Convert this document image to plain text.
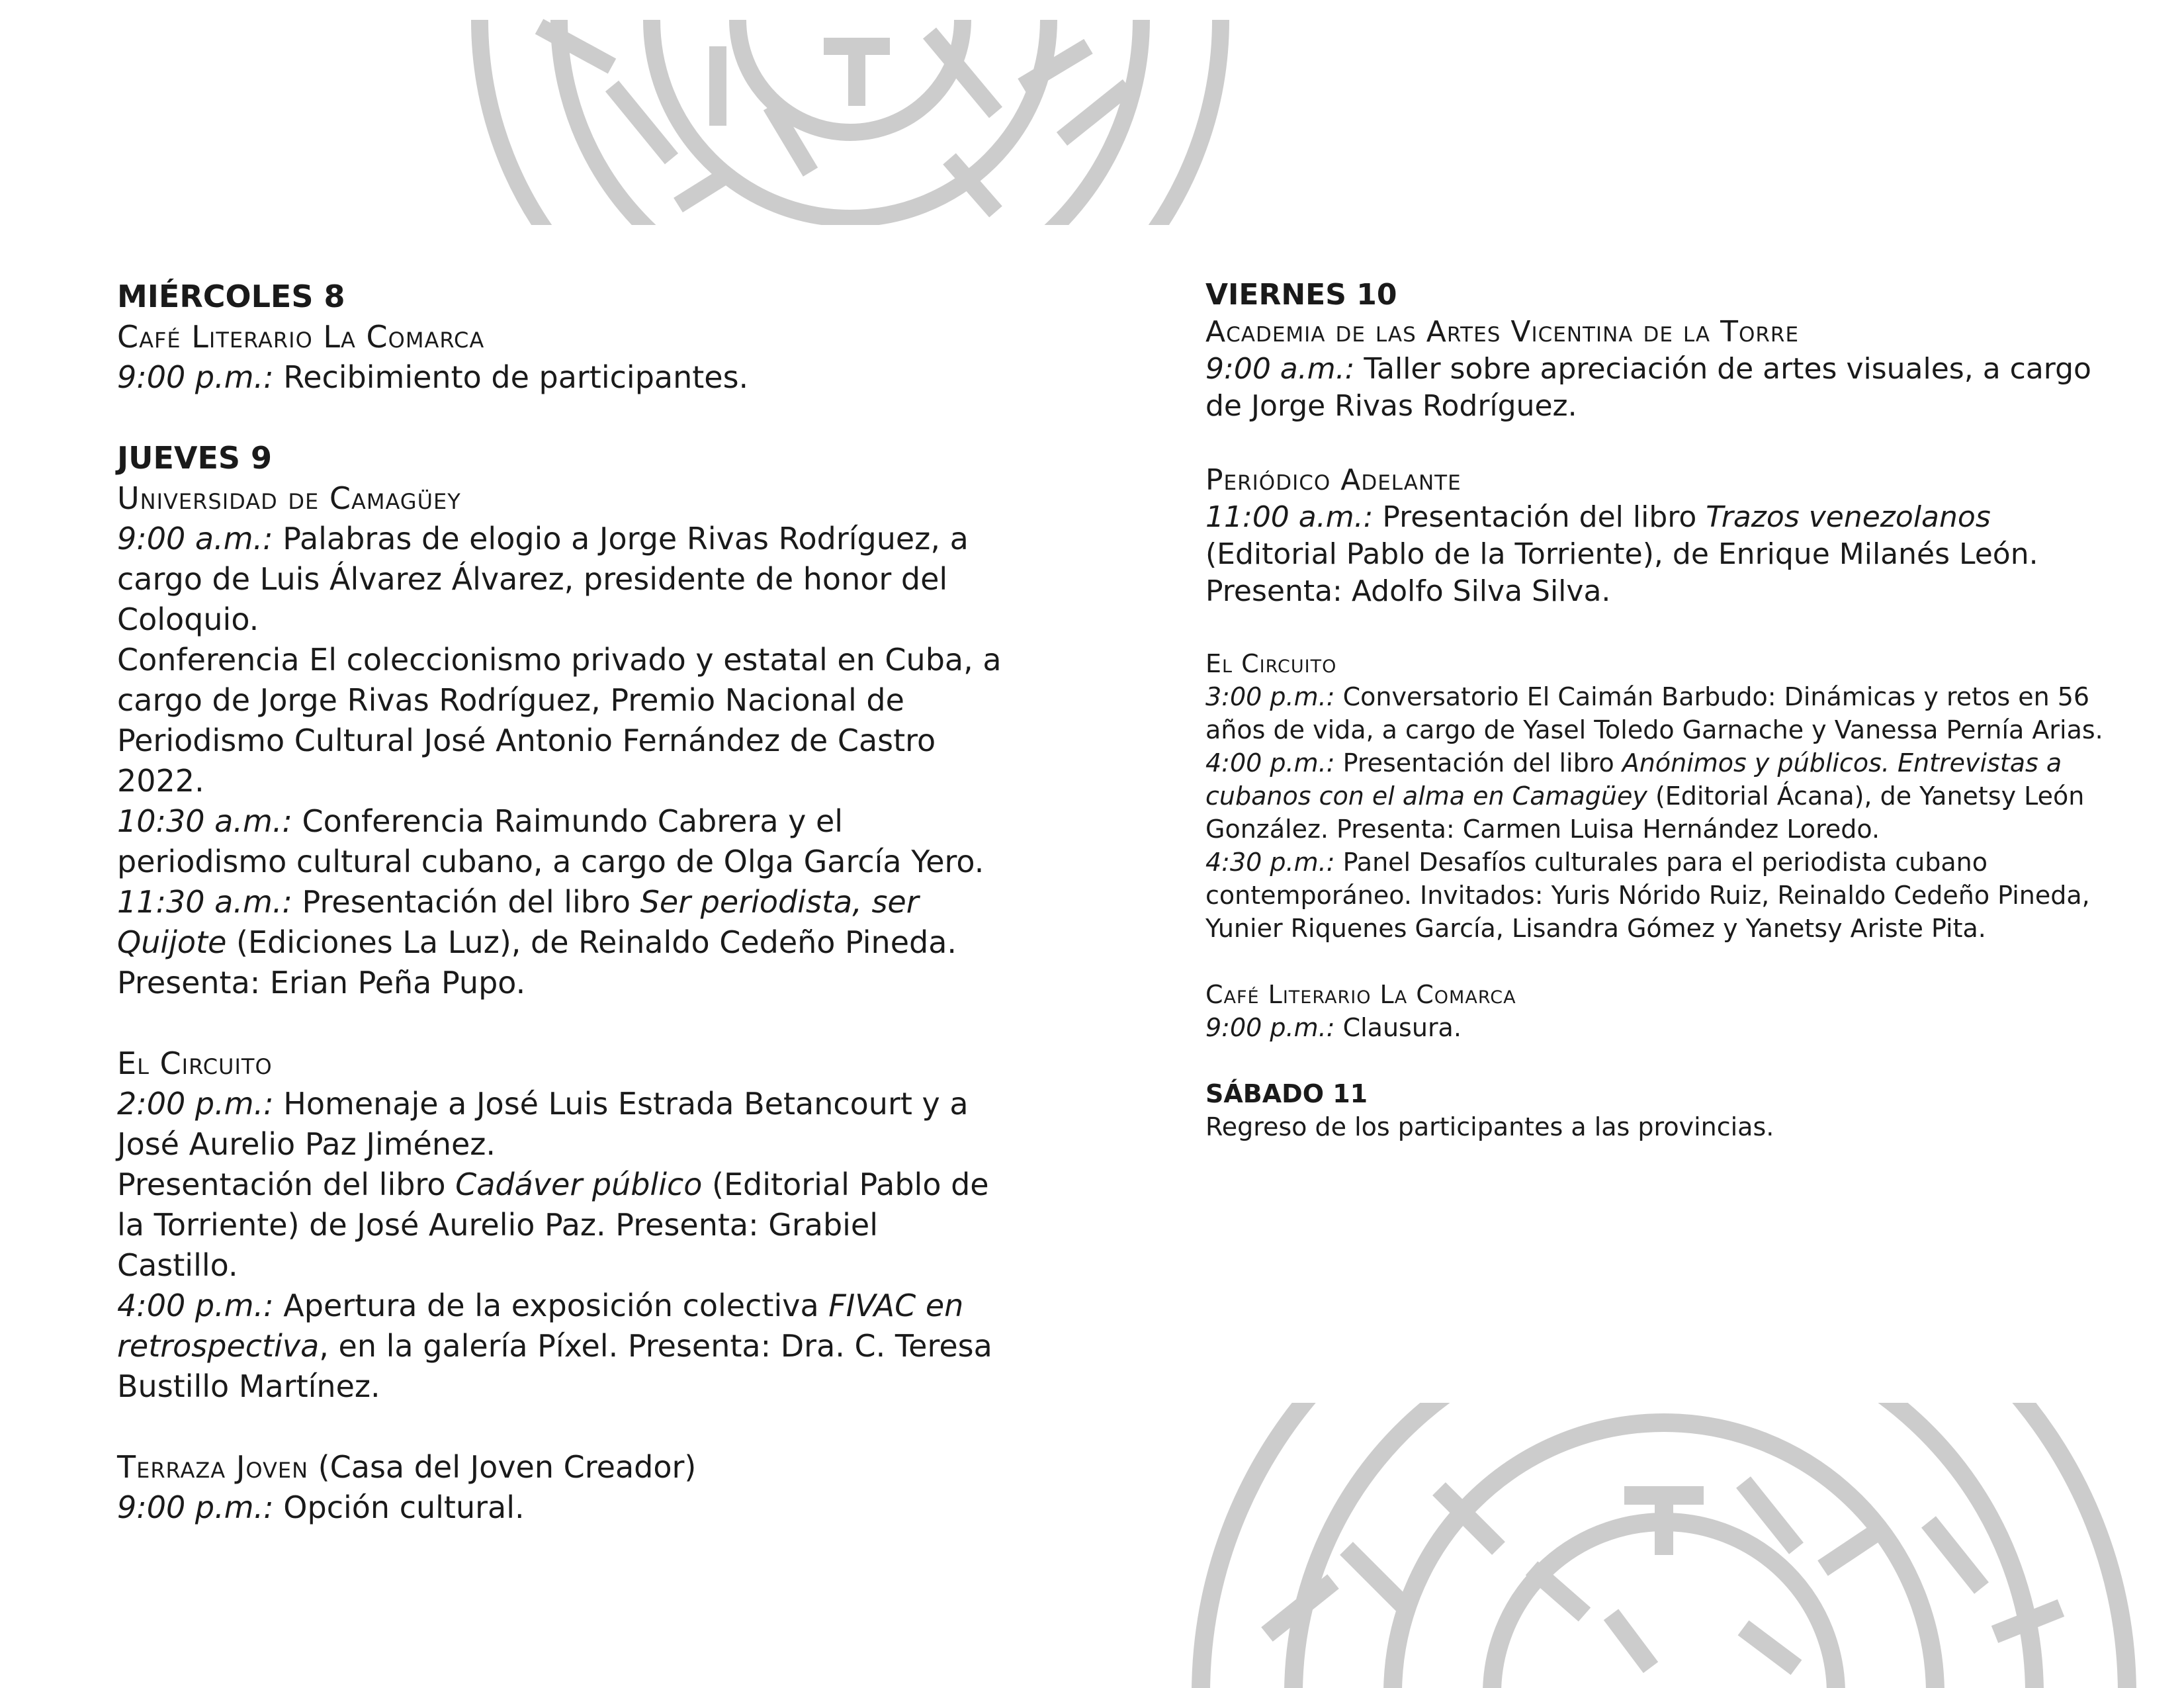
MIÉRCOLES 8

Café Literario La Comarca

9:00 p.m.: Recibimiento de participantes.

JUEVES 9

Universidad de Camagüey

9:00 a.m.: Palabras de elogio a Jorge Rivas Rodríguez, a cargo de Luis Álvarez Álvarez, presidente de honor del Coloquio.

Conferencia El coleccionismo privado y estatal en Cuba, a cargo de Jorge Rivas Rodríguez, Premio Nacional de Periodismo Cultural José Antonio Fernández de Castro 2022.

10:30 a.m.: Conferencia Raimundo Cabrera y el periodismo cultural cubano, a cargo de Olga García Yero.

11:30 a.m.: Presentación del libro Ser periodista, ser Quijote (Ediciones La Luz), de Reinaldo Cedeño Pineda. Presenta: Erian Peña Pupo.

El Circuito

2:00 p.m.: Homenaje a José Luis Estrada Betancourt y a José Aurelio Paz Jiménez.

Presentación del libro Cadáver público (Editorial Pablo de la Torriente) de José Aurelio Paz. Presenta: Grabiel Castillo.

4:00 p.m.: Apertura de la exposición colectiva FIVAC en retrospectiva, en la galería Píxel. Presenta: Dra. C. Teresa Bustillo Martínez.

Terraza Joven (Casa del Joven Creador)

9:00 p.m.: Opción cultural.

VIERNES 10

Academia de las Artes Vicentina de la Torre

9:00 a.m.: Taller sobre apreciación de artes visuales, a cargo de Jorge Rivas Rodríguez.

Periódico Adelante

11:00 a.m.: Presentación del libro Trazos venezolanos (Editorial Pablo de la Torriente), de Enrique Milanés León. Presenta: Adolfo Silva Silva.

El Circuito

3:00 p.m.: Conversatorio El Caimán Barbudo: Dinámicas y retos en 56 años de vida, a cargo de Yasel Toledo Garnache y Vanessa Pernía Arias.

4:00 p.m.: Presentación del libro Anónimos y públicos. Entrevistas a cubanos con el alma en Camagüey (Editorial Ácana), de Yanetsy León González. Presenta: Carmen Luisa Hernández Loredo.

4:30 p.m.: Panel Desafíos culturales para el periodista cubano contemporáneo. Invitados: Yuris Nórido Ruiz, Reinaldo Cedeño Pineda, Yunier Riquenes García, Lisandra Gómez y Yanetsy Ariste Pita.

Café Literario La Comarca

9:00 p.m.: Clausura.

SÁBADO 11

Regreso de los participantes a las provincias.
